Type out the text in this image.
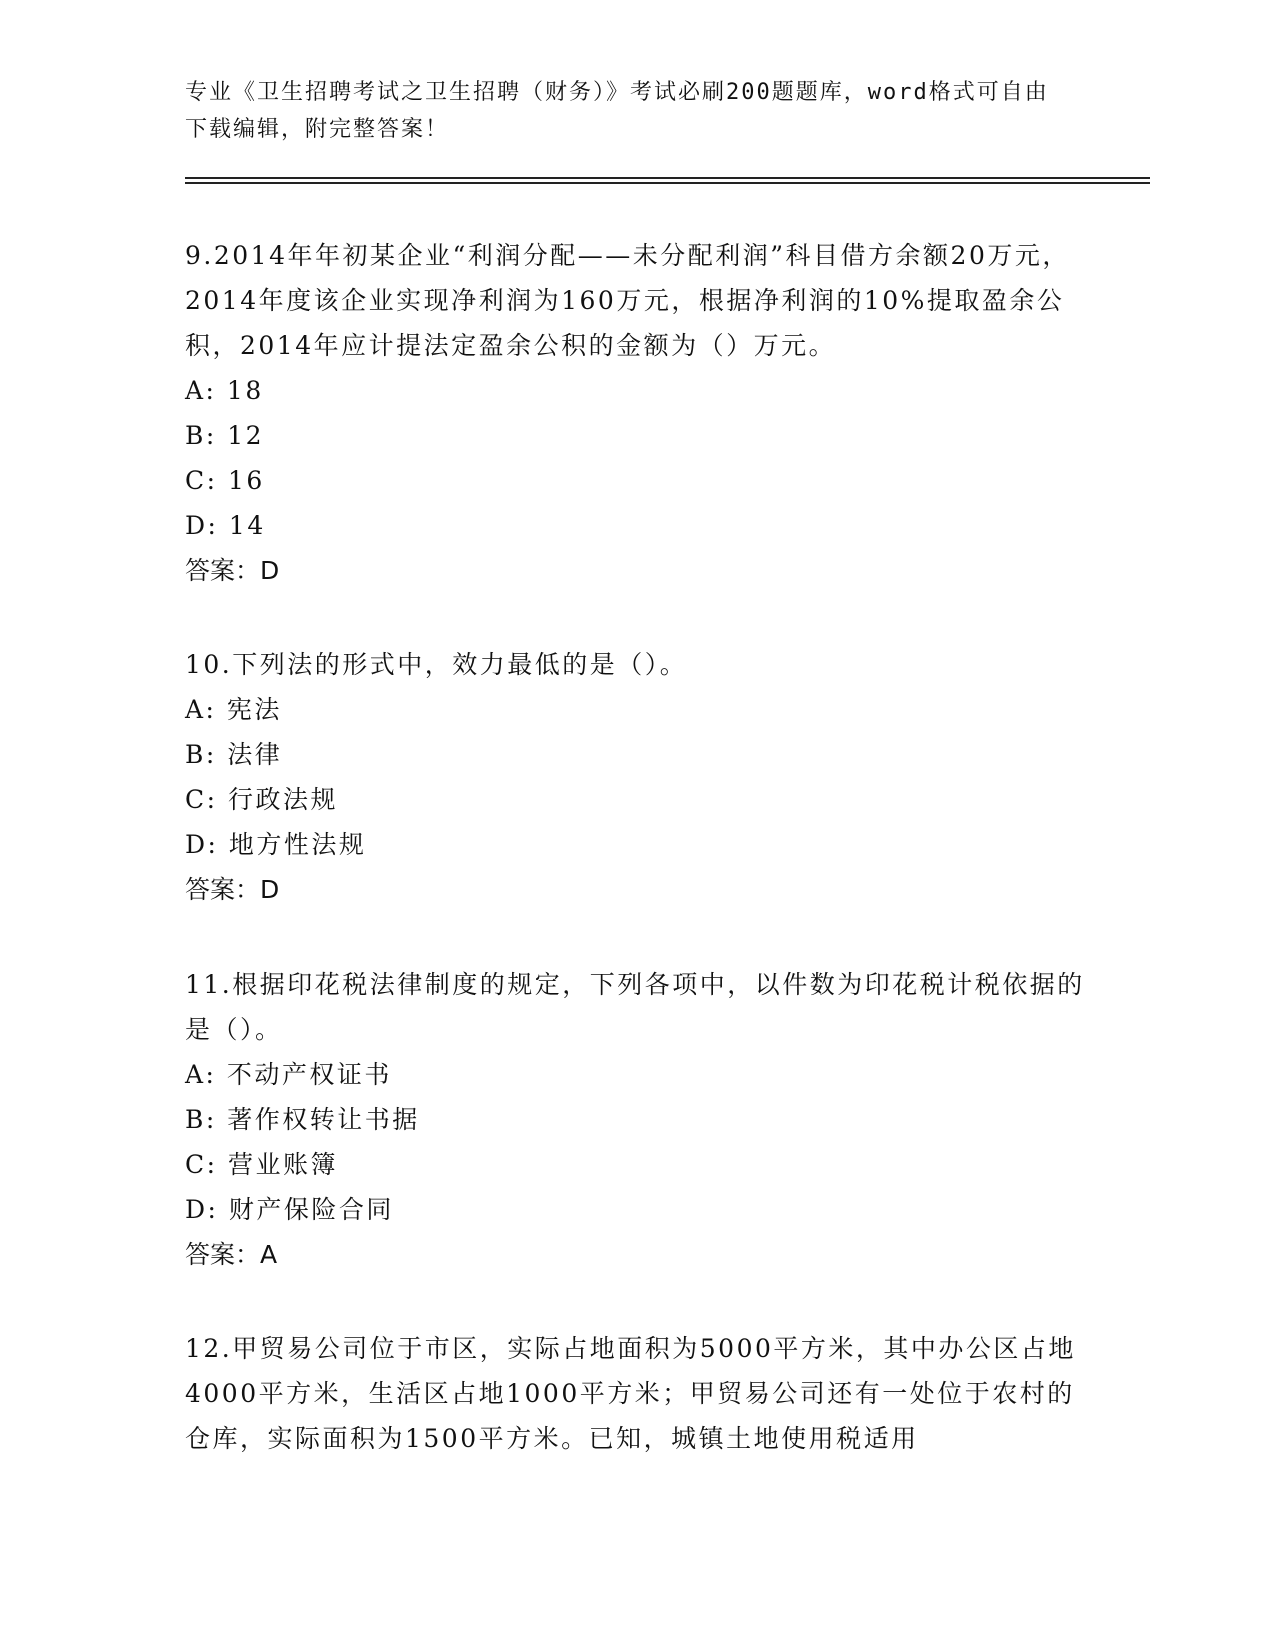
专业《卫生招聘考试之卫生招聘（财务）》考试必刷200题题库，word格式可自由下载编辑，附完整答案！

9.2014年年初某企业“利润分配——未分配利润”科目借方余额20万元，2014年度该企业实现净利润为160万元，根据净利润的10%提取盈余公积，2014年应计提法定盈余公积的金额为（）万元。

A: 18

B: 12

C: 16

D: 14

答案：D

10.下列法的形式中，效力最低的是（）。

A: 宪法

B: 法律

C: 行政法规

D: 地方性法规

答案：D

11.根据印花税法律制度的规定，下列各项中，以件数为印花税计税依据的是（）。

A: 不动产权证书

B: 著作权转让书据

C: 营业账簿

D: 财产保险合同

答案：A

12.甲贸易公司位于市区，实际占地面积为5000平方米，其中办公区占地4000平方米，生活区占地1000平方米；甲贸易公司还有一处位于农村的仓库，实际面积为1500平方米。已知，城镇土地使用税适用
